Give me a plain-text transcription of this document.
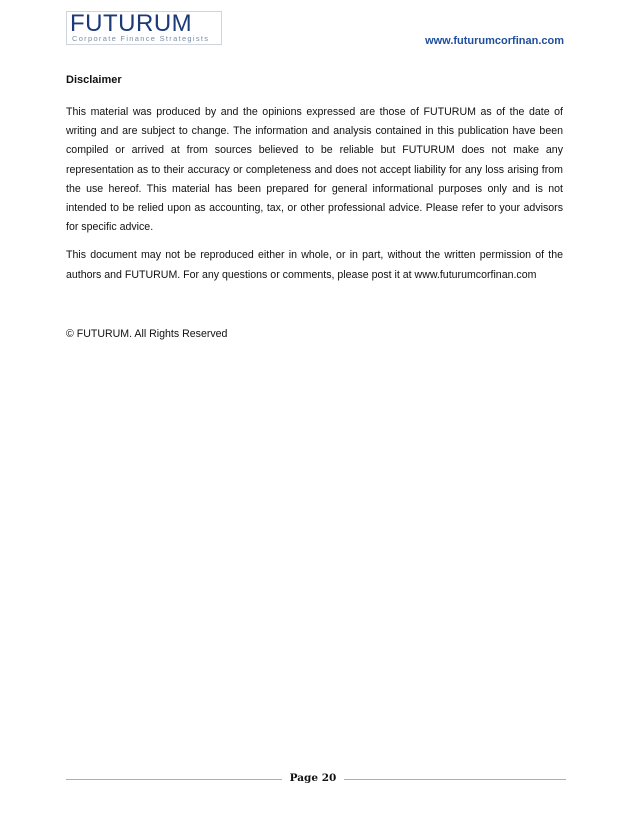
FUTURUM
Corporate Finance Strategists	www.futurumcorfinan.com
Disclaimer

This material was produced by and the opinions expressed are those of FUTURUM as of the date of writing and are subject to change. The information and analysis contained in this publication have been compiled or arrived at from sources believed to be reliable but FUTURUM does not make any representation as to their accuracy or completeness and does not accept liability for any loss arising from the use hereof. This material has been prepared for general informational purposes only and is not intended to be relied upon as accounting, tax, or other professional advice. Please refer to your advisors for specific advice.

This document may not be reproduced either in whole, or in part, without the written permission of the authors and FUTURUM. For any questions or comments, please post it at www.futurumcorfinan.com

© FUTURUM. All Rights Reserved

Page 20
